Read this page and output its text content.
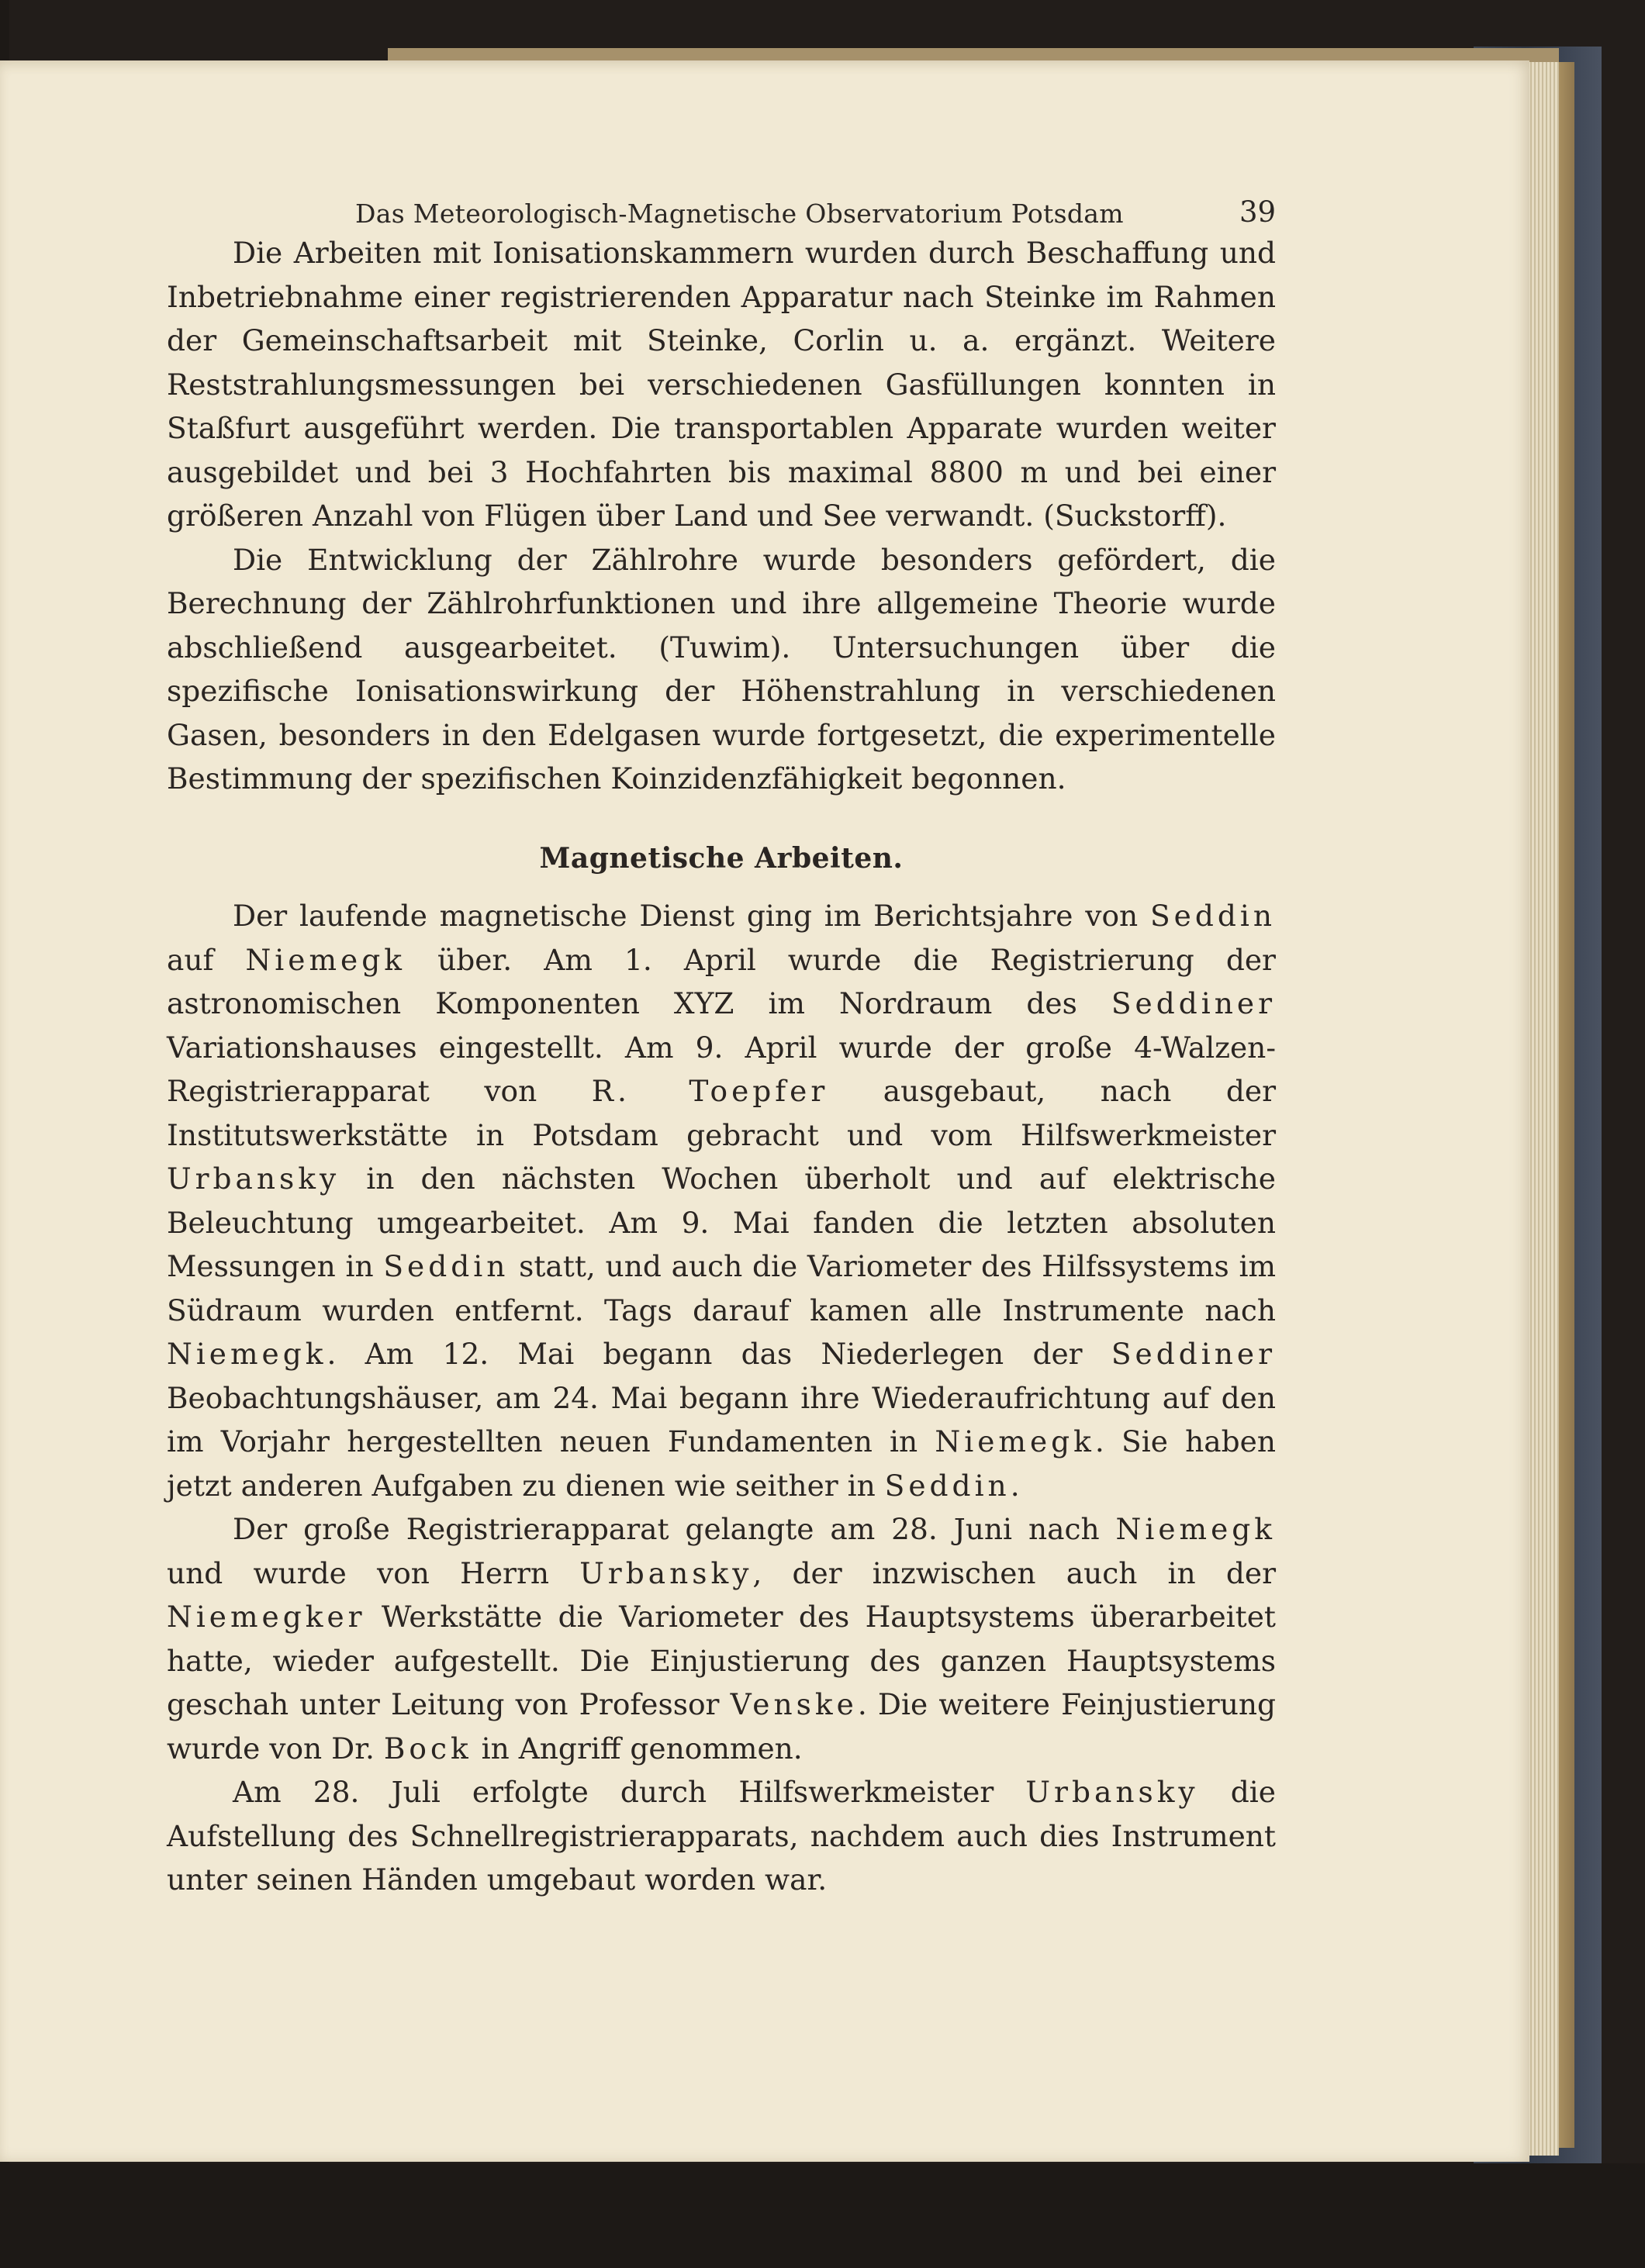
Das Meteorologisch-Magnetische Observatorium Potsdam	39

Die Arbeiten mit Ionisationskammern wurden durch Beschaffung und Inbetriebnahme einer registrierenden Apparatur nach Steinke im Rahmen der Gemeinschaftsarbeit mit Steinke, Corlin u. a. ergänzt. Weitere Reststrahlungsmessungen bei verschiedenen Gasfüllungen konnten in Staßfurt ausgeführt werden. Die transportablen Apparate wurden weiter ausgebildet und bei 3 Hochfahrten bis maximal 8800 m und bei einer größeren Anzahl von Flügen über Land und See verwandt. (Suckstorff).

Die Entwicklung der Zählrohre wurde besonders gefördert, die Berechnung der Zählrohrfunktionen und ihre allgemeine Theorie wurde abschließend ausgearbeitet. (Tuwim). Untersuchungen über die spezifische Ionisationswirkung der Höhenstrahlung in verschiedenen Gasen, besonders in den Edelgasen wurde fortgesetzt, die experimentelle Bestimmung der spezifischen Koinzidenzfähigkeit begonnen.

Magnetische Arbeiten.

Der laufende magnetische Dienst ging im Berichtsjahre von Seddin auf Niemegk über. Am 1. April wurde die Registrierung der astronomischen Komponenten XYZ im Nordraum des Seddiner Variationshauses eingestellt. Am 9. April wurde der große 4-Walzen-Registrierapparat von R. Toepfer ausgebaut, nach der Institutswerkstätte in Potsdam gebracht und vom Hilfswerkmeister Urbansky in den nächsten Wochen überholt und auf elektrische Beleuchtung umgearbeitet. Am 9. Mai fanden die letzten absoluten Messungen in Seddin statt, und auch die Variometer des Hilfssystems im Südraum wurden entfernt. Tags darauf kamen alle Instrumente nach Niemegk. Am 12. Mai begann das Niederlegen der Seddiner Beobachtungshäuser, am 24. Mai begann ihre Wiederaufrichtung auf den im Vorjahr hergestellten neuen Fundamenten in Niemegk. Sie haben jetzt anderen Aufgaben zu dienen wie seither in Seddin.

Der große Registrierapparat gelangte am 28. Juni nach Niemegk und wurde von Herrn Urbansky, der inzwischen auch in der Niemegker Werkstätte die Variometer des Hauptsystems überarbeitet hatte, wieder aufgestellt. Die Einjustierung des ganzen Hauptsystems geschah unter Leitung von Professor Venske. Die weitere Feinjustierung wurde von Dr. Bock in Angriff genommen.

Am 28. Juli erfolgte durch Hilfswerkmeister Urbansky die Aufstellung des Schnellregistrierapparats, nachdem auch dies Instrument unter seinen Händen umgebaut worden war.
